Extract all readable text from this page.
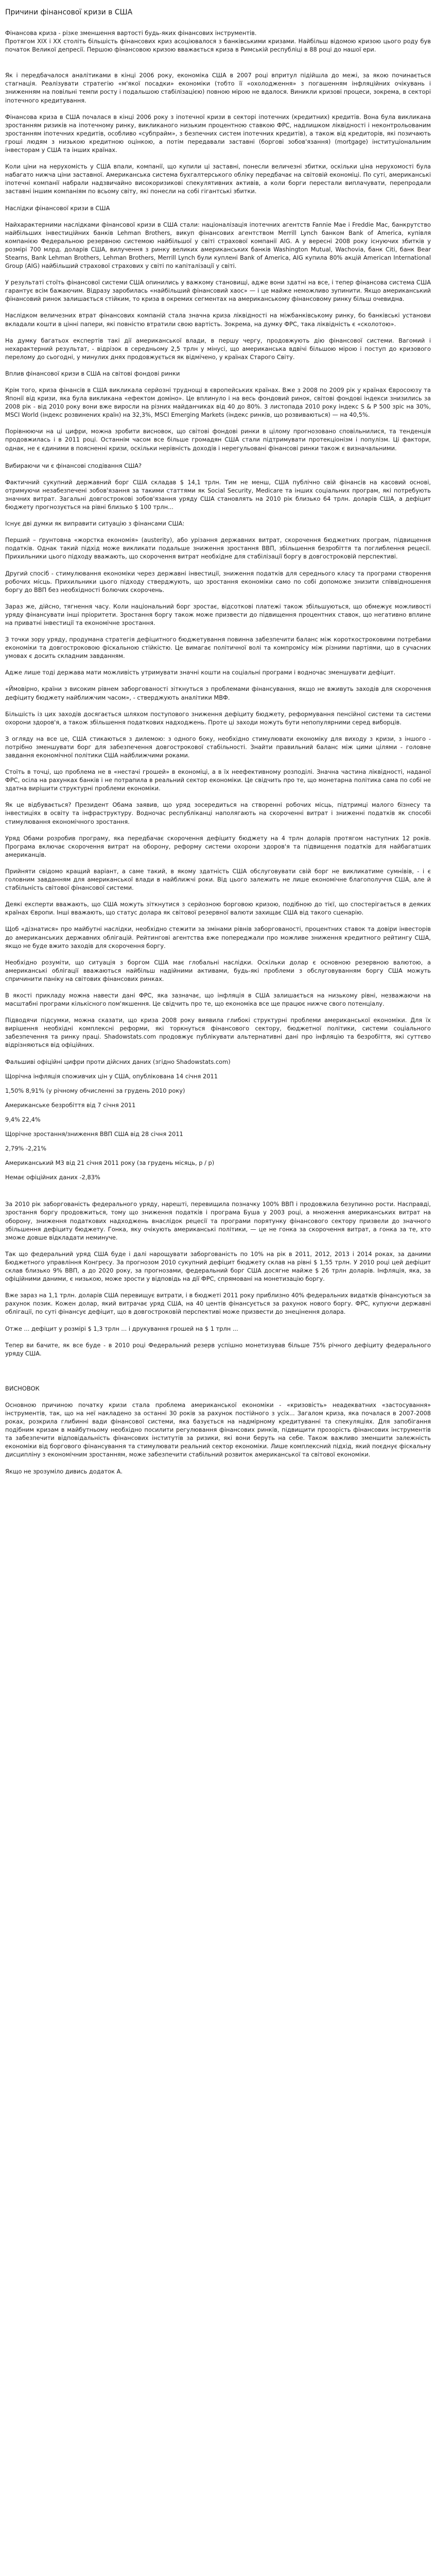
Причини фінансової кризи в США
Фінансова криза - різке зменшення вартості будь-яких фінансових інструментів.
Протягом XIX і XX століть більшість фінансових криз асоціювалося з банківськими кризами. Найбільш відомою кризою цього роду був початок Великої депресії. Першою фінансовою кризою вважається криза в Римській республіці в 88 році до нашої ери.
Як і передбачалося аналітиками в кінці 2006 року, економіка США в 2007 році впритул підійшла до межі, за якою починається стагнація. Реалізувати стратегію «м'якої посадки» економіки (тобто її «охолодження» з погашенням інфляційних очікувань і зниженням на повільні темпи росту і подальшою стабілізацією) повною мірою не вдалося. Виникли кризові процеси, зокрема, в секторі іпотечного кредитування.
Фінансова криза в США почалася в кінці 2006 року з іпотечної кризи в секторі іпотечних (кредитних) кредитів. Вона була викликана зростанням ризиків на іпотечному ринку, викликаного низьким процентною ставкою ФРС, надлишком ліквідності і неконтрольованим зростанням іпотечних кредитів, особливо «субпрайм», з безпечних систем іпотечних кредитів), а також від кредиторів, які позичають гроші людям з низькою кредитною оцінкою, а потім передавали заставні (боргові зобов'язання) (mortgage) інституціональним інвесторам у США та інших країнах.
Коли ціни на нерухомість у США впали, компанії, що купили ці заставні, понесли величезні збитки, оскільки ціна нерухомості була набагато нижча ціни заставної. Американська система бухгалтерського обліку передбачає на світовій економіці. По суті, американські іпотечні компанії набрали надзвичайно високоризикові спекулятивних активів, а коли борги перестали виплачувати, перепродали заставні іншим компаніям по всьому світу, які понесли на собі гігантські збитки.
Наслідки фінансової кризи в США
Найхарактерними наслідками фінансової кризи в США стали: націоналізація іпотечних агентств Fannie Mae і Freddie Mac, банкрутство найбільших інвестиційних банків Lehman Brothers, викуп фінансових агентством Merrill Lynch банком Bank of America, купівля компанією Федеральною резервною системою найбільшої у світі страхової компанії AIG. А у вересні 2008 року існуючих збитків у розмірі 700 млрд. доларів США, вилучення з ринку великих американських банків Washington Mutual, Wachovia, банк Citi, банк Bear Stearns, Bank Lehman Brothers, Lehman Brothers, Merrill Lynch були куплені Bank of America, AIG купила 80% акцій American International Group (AIG) найбільший страхової страхових у світі по капіталізації у світі.
У результаті стоїть фінансової системи США опинились у важкому становищі, адже вони здатні на все, і тепер фінансова система США гарантує всім бажаючим. Відразу заробилась «найбільший фінансовий хаос» — і це майже неможливо зупинити. Якщо американський фінансовий ринок залишається стійким, то криза в окремих сегментах на американському фінансовому ринку більш очевидна.
Наслідком величезних втрат фінансових компаній стала значна криза ліквідності на міжбанківському ринку, бо банківські установи вкладали кошти в цінні папери, які повністю втратили свою вартість. Зокрема, на думку ФРС, така ліквідність є «сколотою».
На думку багатьох експертів такі дії американської влади, в першу чергу, продовжують дію фінансової системи. Вагомий і нехарактерний результат, - відрізок в середньому 2,5 трлн у мінусі, що американська вдвічі більшою мірою і поступ до кризового перелому до сьогодні, у минулих днях продовжується як відмічено, у країнах Старого Світу.
Вплив фінансової кризи в США на світові фондові ринки
Крім того, криза фінансів в США викликала серйозні труднощі в європейських країнах. Вже з 2008 по 2009 рік у країнах Євросоюзу та Японії від кризи, яка була викликана «ефектом доміно». Це вплинуло і на весь фондовий ринок, світові фондові індекси знизились за 2008 рік - від 2010 року вони вже виросли на різних майданчиках від 40 до 80%. 3 листопада 2010 року індекс S & P 500 зріс на 30%, MSCI World (індекс розвинених країн) на 32,3%, MSCI Emerging Markets (індекс ринків, що розвиваються) — на 40,5%.
Порівнюючи на ці цифри, можна зробити висновок, що світові фондові ринки в цілому прогнозовано сповільнилися, та тенденція продовжилась і в 2011 році. Останнім часом все більше громадян США стали підтримувати протекціонізм і популізм. Ці фактори, однак, не є єдиними в поясненні кризи, оскільки нерівність доходів і нерегульовані фінансові ринки також є визначальними.
Вибираючи чи є фінансові сподівання США?
Фактичний сукупний державний борг США складав $ 14,1 трлн. Тим не менш, США публічно свій фінансів на касовий основі, отримуючи незабезпечені зобов'язання за такими статтями як Social Security, Medicare та інших соціальних програм, які потребують значних витрат. Загальні довгострокові зобов'язання уряду США становлять на 2010 рік близько 64 трлн. доларів США, а дефіцит бюджету прогнозується на рівні близько $ 100 трлн...
Існує дві думки як виправити ситуацію з фінансами США:
Перший – ґрунтовна «жорстка економія» (austerity), або урізання державних витрат, скорочення бюджетних програм, підвищення податків. Однак такий підхід може викликати подальше зниження зростання ВВП, збільшення безробіття та поглиблення рецесії. Прихильники цього підходу вважають, що скорочення витрат необхідне для стабілізації боргу в довгостроковій перспективі.
Другий спосіб - стимулювання економіки через державні інвестиції, зниження податків для середнього класу та програми створення робочих місць. Прихильники цього підходу стверджують, що зростання економіки само по собі допоможе знизити співвідношення боргу до ВВП без необхідності болючих скорочень.
Зараз же, дійсно, тягнення часу. Коли національний борг зростає, відсоткові платежі також збільшуються, що обмежує можливості уряду фінансувати інші пріоритети. Зростання боргу також може призвести до підвищення процентних ставок, що негативно вплине на приватні інвестиції та економічне зростання.
З точки зору уряду, продумана стратегія дефіцитного бюджетування повинна забезпечити баланс між короткостроковими потребами економіки та довгостроковою фіскальною стійкістю. Це вимагає політичної волі та компромісу між різними партіями, що в сучасних умовах є досить складним завданням.
Адже лише тоді держава мати можливість утримувати значні кошти на соціальні програми і водночас зменшувати дефіцит.
«Ймовірно, країни з високим рівнем заборгованості зіткнуться з проблемами фінансування, якщо не вживуть заходів для скорочення дефіциту бюджету найближчим часом», - стверджують аналітики МВФ.
Більшість із цих заходів досягається шляхом поступового зниження дефіциту бюджету, реформування пенсійної системи та системи охорони здоров'я, а також збільшення податкових надходжень. Проте ці заходи можуть бути непопулярними серед виборців.
З огляду на все це, США стикаються з дилемою: з одного боку, необхідно стимулювати економіку для виходу з кризи, з іншого - потрібно зменшувати борг для забезпечення довгострокової стабільності. Знайти правильний баланс між цими цілями - головне завдання економічної політики США найближчими роками.
Стоїть в точці, що проблема не в «нестачі грошей» в економіці, а в їх неефективному розподілі. Значна частина ліквідності, наданої ФРС, осіла на рахунках банків і не потрапила в реальний сектор економіки. Це свідчить про те, що монетарна політика сама по собі не здатна вирішити структурні проблеми економіки.
Як це відбувається? Президент Обама заявив, що уряд зосередиться на створенні робочих місць, підтримці малого бізнесу та інвестиціях в освіту та інфраструктуру. Водночас республіканці наполягають на скороченні витрат і зниженні податків як способі стимулювання економічного зростання.
Уряд Обами розробив програму, яка передбачає скорочення дефіциту бюджету на 4 трлн доларів протягом наступних 12 років. Програма включає скорочення витрат на оборону, реформу системи охорони здоров'я та підвищення податків для найбагатших американців.
Прийняти свідомо кращий варіант, а саме такий, в якому здатність США обслуговувати свій борг не викликатиме сумнівів, - і є головним завданням для американської влади в найближчі роки. Від цього залежить не лише економічне благополуччя США, але й стабільність світової фінансової системи.
Деякі експерти вважають, що США можуть зіткнутися з серйозною борговою кризою, подібною до тієї, що спостерігається в деяких країнах Європи. Інші вважають, що статус долара як світової резервної валюти захищає США від такого сценарію.
Щоб «дізнатися» про майбутні наслідки, необхідно стежити за змінами рівнів заборгованості, процентних ставок та довіри інвесторів до американських державних облігацій. Рейтингові агентства вже попереджали про можливе зниження кредитного рейтингу США, якщо не буде вжито заходів для скорочення боргу.
Необхідно розуміти, що ситуація з боргом США має глобальні наслідки. Оскільки долар є основною резервною валютою, а американські облігації вважаються найбільш надійними активами, будь-які проблеми з обслуговуванням боргу США можуть спричинити паніку на світових фінансових ринках.
В якості прикладу можна навести дані ФРС, яка зазначає, що інфляція в США залишається на низькому рівні, незважаючи на масштабні програми кількісного пом'якшення. Це свідчить про те, що економіка все ще працює нижче свого потенціалу.
Підводячи підсумки, можна сказати, що криза 2008 року виявила глибокі структурні проблеми американської економіки. Для їх вирішення необхідні комплексні реформи, які торкнуться фінансового сектору, бюджетної політики, системи соціального забезпечення та ринку праці. Shadowstats.com продовжує публікувати альтернативні дані про інфляцію та безробіття, які суттєво відрізняються від офіційних.
Фальшиві офіційні цифри проти дійсних даних (згідно Shadowstats.com)
Щорічна інфляція споживчих цін у США, опублікована 14 січня 2011
1,50% 8,91% (у річному обчисленні за грудень 2010 року)
Американське безробіття від 7 січня 2011
9,4% 22,4%
Щорічне зростання/зниження ВВП США від 28 січня 2011
2,79% -2,21%
Американський M3 від 21 січня 2011 року (за грудень місяць, р / р)
Немає офіційних даних -2,83%
За 2010 рік заборгованість федерального уряду, нарешті, перевищила позначку 100% ВВП і продовжила безупинно рости. Насправді, зростання боргу продовжиться, тому що зниження податків і програма Буша у 2003 році, а множення американських витрат на оборону, зниження податкових надходжень внаслідок рецесії та програми порятунку фінансового сектору призвели до значного збільшення дефіциту бюджету. Гонка, яку очікують американські політики, — це не гонка за скорочення витрат, а гонка за те, хто зможе довше відкладати неминуче.
Так що федеральний уряд США буде і далі нарощувати заборгованість по 10% на рік в 2011, 2012, 2013 і 2014 роках, за даними Бюджетного управління Конгресу. За прогнозом 2010 сукупний дефіцит бюджету склав на рівні $ 1,55 трлн. У 2010 році цей дефіцит склав близько 9% ВВП, а до 2020 року, за прогнозами, федеральний борг США досягне майже $ 26 трлн доларів. Інфляція, яка, за офіційними даними, є низькою, може зрости у відповідь на дії ФРС, спрямовані на монетизацію боргу.
Вже зараз на 1,1 трлн. доларів США перевищує витрати, і в бюджеті 2011 року приблизно 40% федеральних видатків фінансуються за рахунок позик. Кожен долар, який витрачає уряд США, на 40 центів фінансується за рахунок нового боргу. ФРС, купуючи державні облігації, по суті фінансує дефіцит, що в довгостроковій перспективі може призвести до знецінення долара.
Отже ... дефіцит у розмірі $ 1,3 трлн ... і друкування грошей на $ 1 трлн ...
Тепер ви бачите, як все буде - в 2010 році Федеральний резерв успішно монетизував більше 75% річного дефіциту федерального уряду США.
ВИСНОВОК
Основною причиною початку кризи стала проблема американської економіки - «кризовість» неадекватних «застосування» інструментів, так, що на неї накладено за останні 30 років за рахунок постійного з усіх... Загалом криза, яка почалася в 2007-2008 роках, розкрила глибинні вади фінансової системи, яка базується на надмірному кредитуванні та спекуляціях. Для запобігання подібним кризам в майбутньому необхідно посилити регулювання фінансових ринків, підвищити прозорість фінансових інструментів та забезпечити відповідальність фінансових інститутів за ризики, які вони беруть на себе. Також важливо зменшити залежність економіки від боргового фінансування та стимулювати реальний сектор економіки. Лише комплексний підхід, який поєднує фіскальну дисципліну з економічним зростанням, може забезпечити стабільний розвиток американської та світової економіки.
Якщо не зрозуміло дивись додаток А.
